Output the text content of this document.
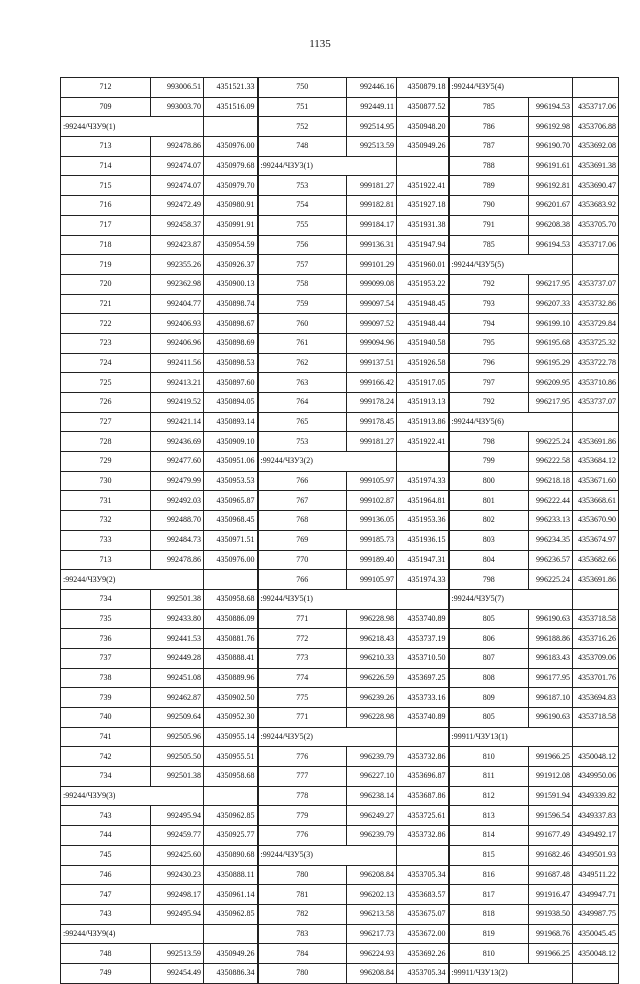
1135
712	993006.51	4351521.33	750	992446.16	4350879.18	:99244/ЧЗУ5(4)		
709	993003.70	4351516.09	751	992449.11	4350877.52	785	996194.53	4353717.06
:99244/ЧЗУ9(1)			752	992514.95	4350948.20	786	996192.98	4353706.88
713	992478.86	4350976.00	748	992513.59	4350949.26	787	996190.70	4353692.08
714	992474.07	4350979.68	:99244/ЧЗУ3(1)			788	996191.61	4353691.38
715	992474.07	4350979.70	753	999181.27	4351922.41	789	996192.81	4353690.47
716	992472.49	4350980.91	754	999182.81	4351927.18	790	996201.67	4353683.92
717	992458.37	4350991.91	755	999184.17	4351931.38	791	996208.38	4353705.70
718	992423.87	4350954.59	756	999136.31	4351947.94	785	996194.53	4353717.06
719	992355.26	4350926.37	757	999101.29	4351960.01	:99244/ЧЗУ5(5)		
720	992362.98	4350900.13	758	999099.08	4351953.22	792	996217.95	4353737.07
721	992404.77	4350898.74	759	999097.54	4351948.45	793	996207.33	4353732.86
722	992406.93	4350898.67	760	999097.52	4351948.44	794	996199.10	4353729.84
723	992406.96	4350898.69	761	999094.96	4351940.58	795	996195.68	4353725.32
724	992411.56	4350898.53	762	999137.51	4351926.58	796	996195.29	4353722.78
725	992413.21	4350897.60	763	999166.42	4351917.05	797	996209.95	4353710.86
726	992419.52	4350894.05	764	999178.24	4351913.13	792	996217.95	4353737.07
727	992421.14	4350893.14	765	999178.45	4351913.86	:99244/ЧЗУ5(6)		
728	992436.69	4350909.10	753	999181.27	4351922.41	798	996225.24	4353691.86
729	992477.60	4350951.06	:99244/ЧЗУ3(2)			799	996222.58	4353684.12
730	992479.99	4350953.53	766	999105.97	4351974.33	800	996218.18	4353671.60
731	992492.03	4350965.87	767	999102.87	4351964.81	801	996222.44	4353668.61
732	992488.70	4350968.45	768	999136.05	4351953.36	802	996233.13	4353670.90
733	992484.73	4350971.51	769	999185.73	4351936.15	803	996234.35	4353674.97
713	992478.86	4350976.00	770	999189.40	4351947.31	804	996236.57	4353682.66
:99244/ЧЗУ9(2)			766	999105.97	4351974.33	798	996225.24	4353691.86
734	992501.38	4350958.68	:99244/ЧЗУ5(1)			:99244/ЧЗУ5(7)		
735	992433.80	4350886.09	771	996228.98	4353740.89	805	996190.63	4353718.58
736	992441.53	4350881.76	772	996218.43	4353737.19	806	996188.86	4353716.26
737	992449.28	4350888.41	773	996210.33	4353710.50	807	996183.43	4353709.06
738	992451.08	4350889.96	774	996226.59	4353697.25	808	996177.95	4353701.76
739	992462.87	4350902.50	775	996239.26	4353733.16	809	996187.10	4353694.83
740	992509.64	4350952.30	771	996228.98	4353740.89	805	996190.63	4353718.58
741	992505.96	4350955.14	:99244/ЧЗУ5(2)			:99911/ЧЗУ13(1)		
742	992505.50	4350955.51	776	996239.79	4353732.86	810	991966.25	4350048.12
734	992501.38	4350958.68	777	996227.10	4353696.87	811	991912.08	4349950.06
:99244/ЧЗУ9(3)			778	996238.14	4353687.86	812	991591.94	4349339.82
743	992495.94	4350962.85	779	996249.27	4353725.61	813	991596.54	4349337.83
744	992459.77	4350925.77	776	996239.79	4353732.86	814	991677.49	4349492.17
745	992425.60	4350890.68	:99244/ЧЗУ5(3)			815	991682.46	4349501.93
746	992430.23	4350888.11	780	996208.84	4353705.34	816	991687.48	4349511.22
747	992498.17	4350961.14	781	996202.13	4353683.57	817	991916.47	4349947.71
743	992495.94	4350962.85	782	996213.58	4353675.07	818	991938.50	4349987.75
:99244/ЧЗУ9(4)			783	996217.73	4353672.00	819	991968.76	4350045.45
748	992513.59	4350949.26	784	996224.93	4353692.26	810	991966.25	4350048.12
749	992454.49	4350886.34	780	996208.84	4353705.34	:99911/ЧЗУ13(2)		
